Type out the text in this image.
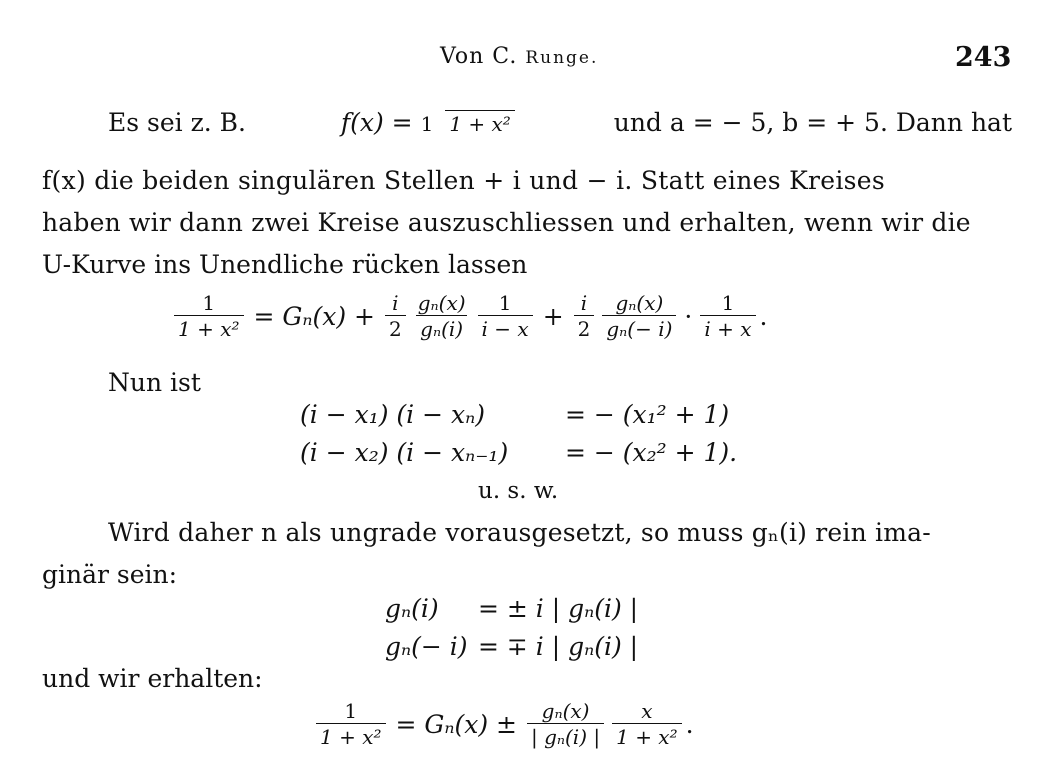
Von C. Runge.	243
Es sei z. B.	f(x) = 1 1 + x²	und a = − 5, b = + 5. Dann hat
f(x) die beiden singulären Stellen + i und − i. Statt eines Kreises
haben wir dann zwei Kreise auszuschliessen und erhalten, wenn wir die
U-Kurve ins Unendliche rücken lassen
$\frac{1}{\text{1 + x²}} = G_n(x) + \frac{i}{2} \frac{\text{gₙ(x)}}{\text{gₙ(i)}} \frac{1}{i - x} + \frac{i}{2} \frac{\text{gₙ(x)}}{\text{gₙ(− i)}} \cdot \frac{1}{i + x}$ .
Nun ist
(i − x₁) (i − xₙ)	= − (x₁² + 1)
(i − x₂) (i − xₙ₋₁) = − (x₂² + 1).
u. s. w.
Wird daher n als ungrade vorausgesetzt, so muss gₙ(i) rein ima-
ginär sein:
gₙ(i) = ± i | gₙ(i) |
gₙ(− i) = ∓ i | gₙ(i) |
und wir erhalten:
$\frac{1}{\text{1 + x²}} = G_n(x) \pm \frac{\text{gₙ(x)}}{\text{| gₙ(i) |}} \frac{x}{\text{1 + x²}}$ .
